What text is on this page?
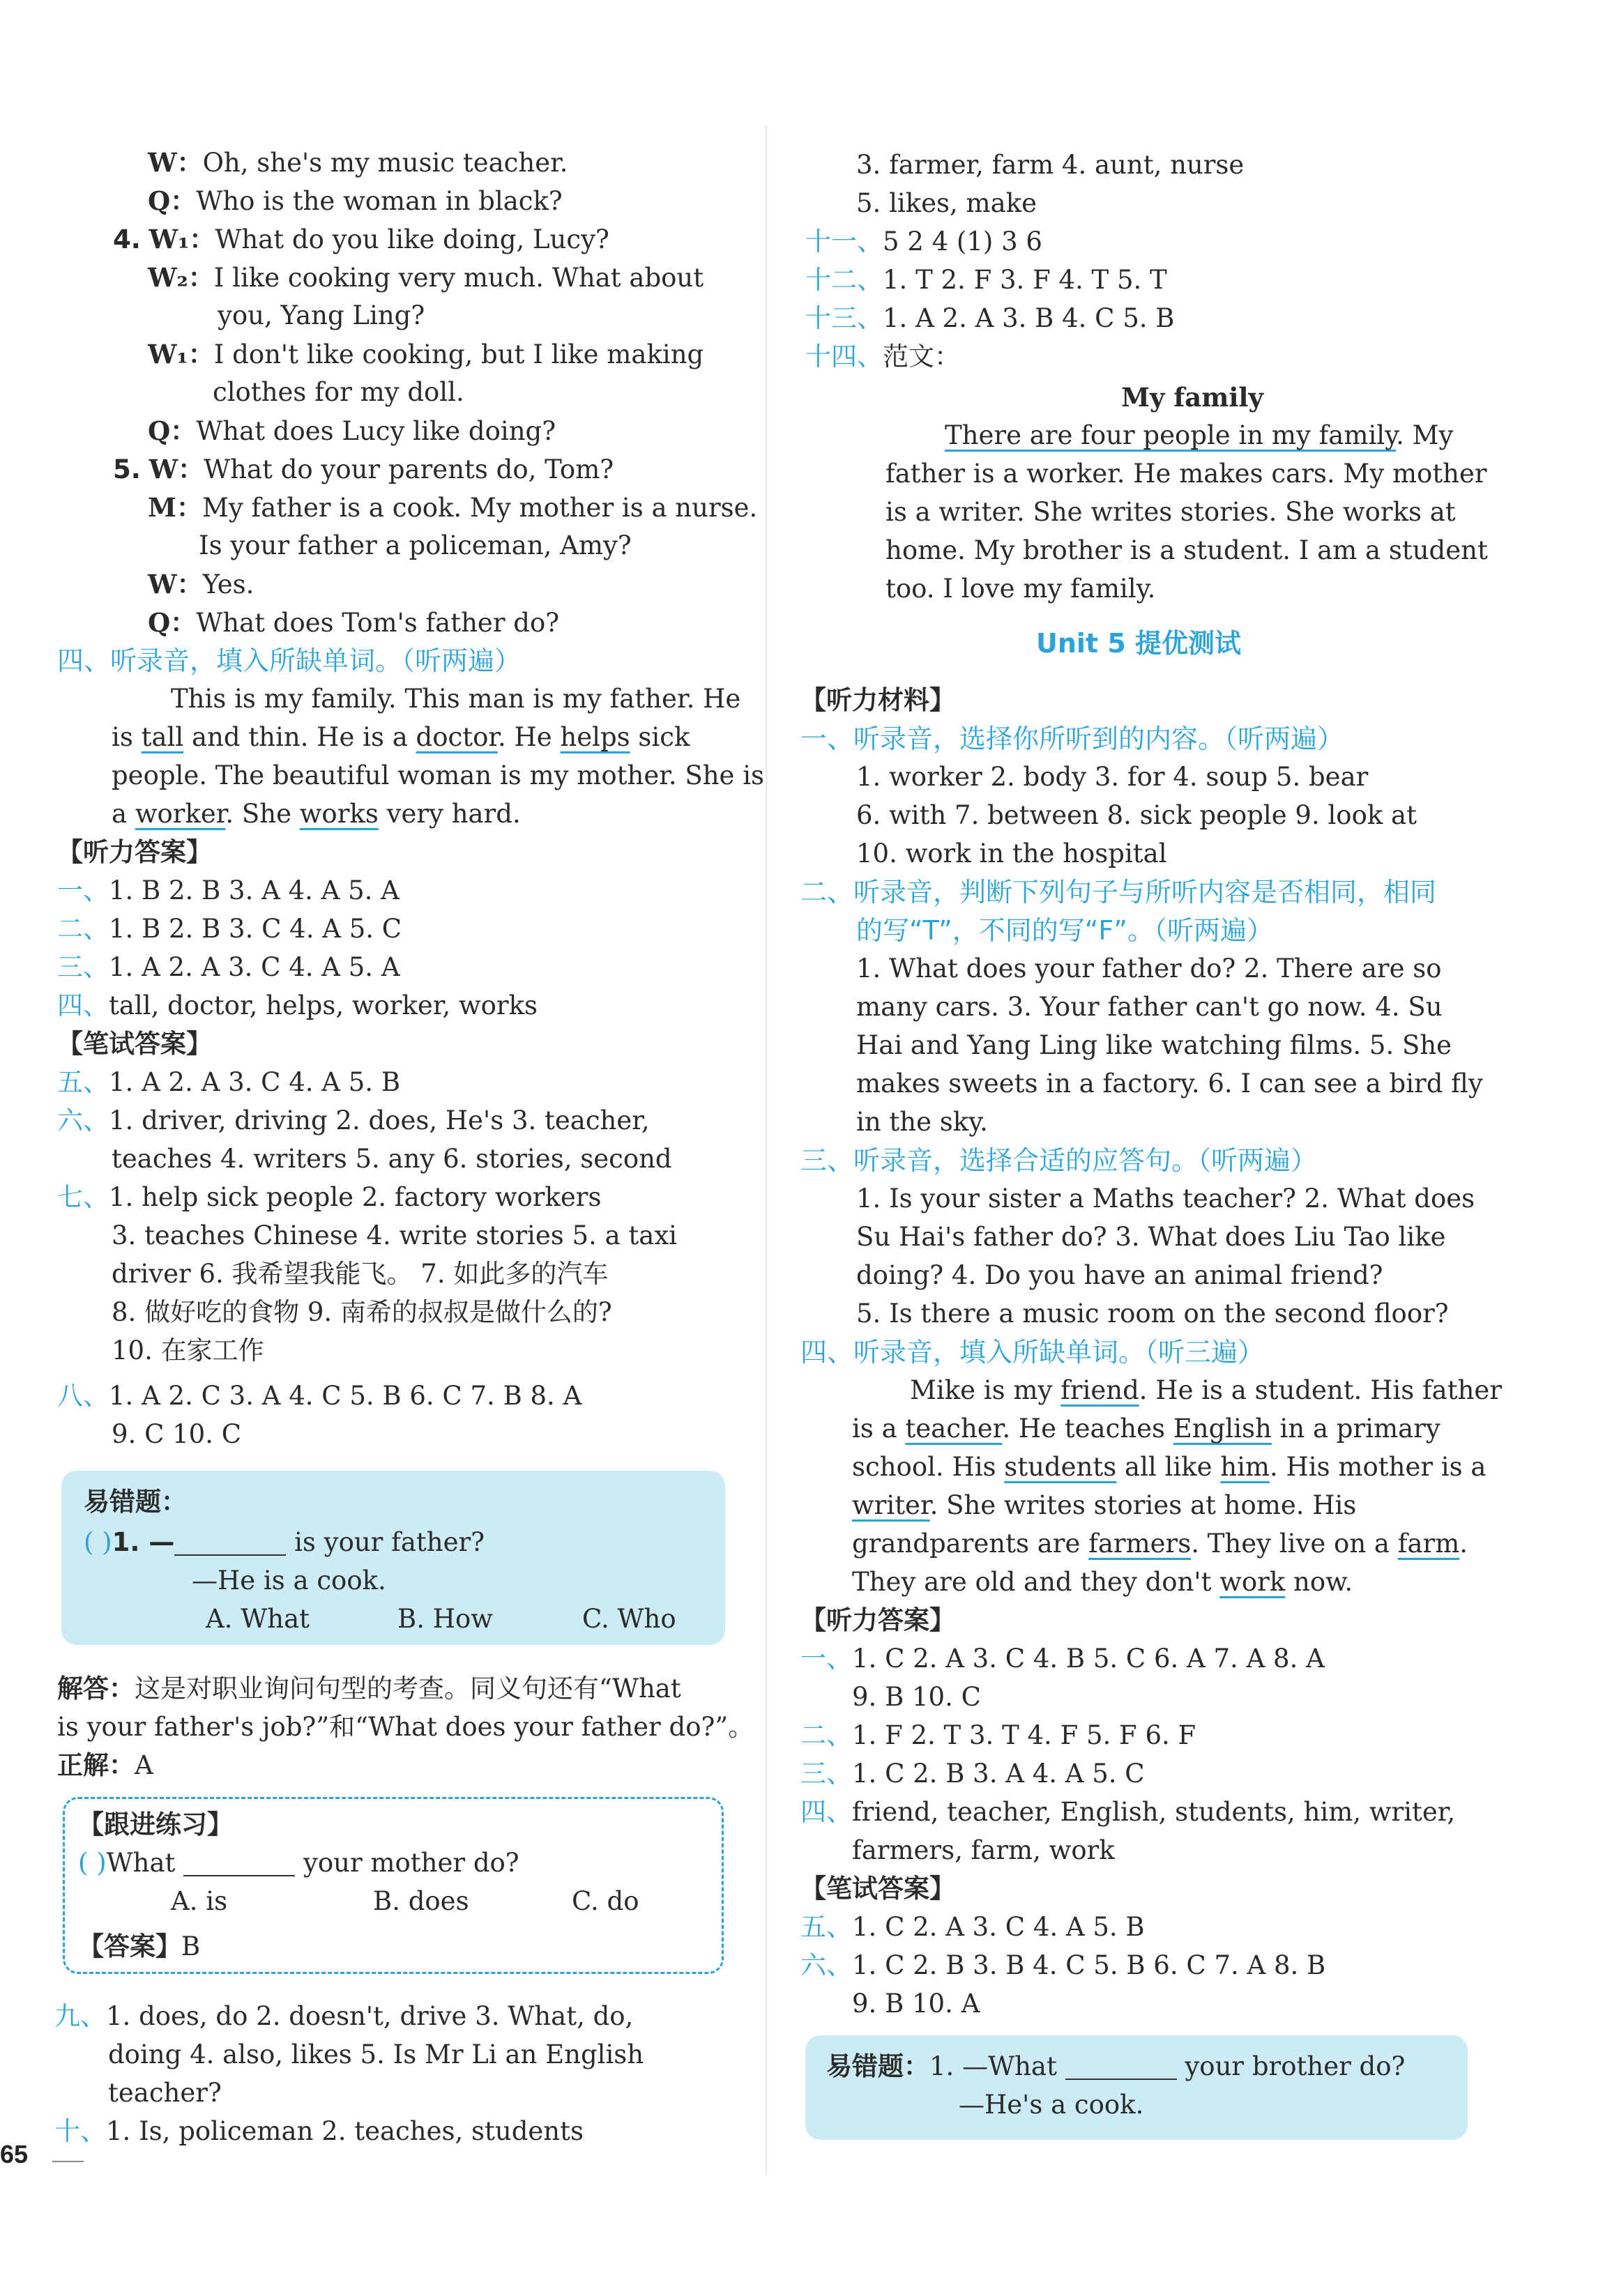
W：Oh, she's my music teacher.
Q：Who is the woman in black?
4. W₁：What do you like doing, Lucy?
W₂：I like cooking very much. What about
you, Yang Ling?
W₁：I don't like cooking, but I like making
clothes for my doll.
Q：What does Lucy like doing?
5. W：What do your parents do, Tom?
M：My father is a cook. My mother is a nurse.
Is your father a policeman, Amy?
W：Yes.
Q：What does Tom's father do?
四、听录音，填入所缺单词。（听两遍）
This is my family. This man is my father. He
is tall and thin. He is a doctor. He helps sick
people. The beautiful woman is my mother. She is
a worker. She works very hard.
【听力答案】
一、1. B 2. B 3. A 4. A 5. A
二、1. B 2. B 3. C 4. A 5. C
三、1. A 2. A 3. C 4. A 5. A
四、tall, doctor, helps, worker, works
【笔试答案】
五、1. A 2. A 3. C 4. A 5. B
六、1. driver, driving 2. does, He's 3. teacher,
teaches 4. writers 5. any 6. stories, second
七、1. help sick people 2. factory workers
3. teaches Chinese 4. write stories 5. a taxi
driver 6. 我希望我能飞。 7. 如此多的汽车
8. 做好吃的食物 9. 南希的叔叔是做什么的?
10. 在家工作
八、1. A 2. C 3. A 4. C 5. B 6. C 7. B 8. A
9. C 10. C
易错题：
( )1. —	is your father?
—He is a cook.
A. What	B. How	C. Who
解答：这是对职业询问句型的考查。同义句还有“What
is your father's job?”和“What does your father do?”。
正解：A
【跟进练习】
( )What	your mother do?
A. is	B. does	C. do
【答案】B
九、1. does, do 2. doesn't, drive 3. What, do,
doing 4. also, likes 5. Is Mr Li an English
teacher?
十、1. Is, policeman 2. teaches, students
65
3. farmer, farm 4. aunt, nurse
5. likes, make
十一、5 2 4 (1) 3 6
十二、1. T 2. F 3. F 4. T 5. T
十三、1. A 2. A 3. B 4. C 5. B
十四、范文：
My family
There are four people in my family. My
father is a worker. He makes cars. My mother
is a writer. She writes stories. She works at
home. My brother is a student. I am a student
too. I love my family.
Unit 5 提优测试
【听力材料】
一、听录音，选择你所听到的内容。（听两遍）
1. worker 2. body 3. for 4. soup 5. bear
6. with 7. between 8. sick people 9. look at
10. work in the hospital
二、听录音，判断下列句子与所听内容是否相同，相同
的写“T”，不同的写“F”。（听两遍）
1. What does your father do? 2. There are so
many cars. 3. Your father can't go now. 4. Su
Hai and Yang Ling like watching films. 5. She
makes sweets in a factory. 6. I can see a bird fly
in the sky.
三、听录音，选择合适的应答句。（听两遍）
1. Is your sister a Maths teacher? 2. What does
Su Hai's father do? 3. What does Liu Tao like
doing? 4. Do you have an animal friend?
5. Is there a music room on the second floor?
四、听录音，填入所缺单词。（听三遍）
Mike is my friend. He is a student. His father
is a teacher. He teaches English in a primary
school. His students all like him. His mother is a
writer. She writes stories at home. His
grandparents are farmers. They live on a farm.
They are old and they don't work now.
【听力答案】
一、1. C 2. A 3. C 4. B 5. C 6. A 7. A 8. A
9. B 10. C
二、1. F 2. T 3. T 4. F 5. F 6. F
三、1. C 2. B 3. A 4. A 5. C
四、friend, teacher, English, students, him, writer,
farmers, farm, work
【笔试答案】
五、1. C 2. A 3. C 4. A 5. B
六、1. C 2. B 3. B 4. C 5. B 6. C 7. A 8. B
9. B 10. A
易错题：1. —What	your brother do?
—He's a cook.
